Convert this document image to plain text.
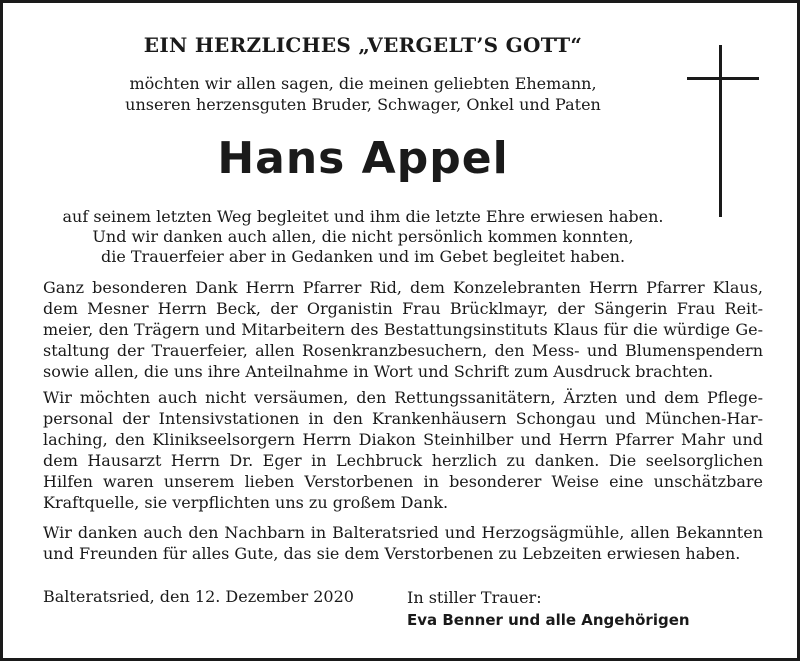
EIN HERZLICHES „VERGELT’S GOTT“
möchten wir allen sagen, die meinen geliebten Ehemann,
unseren herzensguten Bruder, Schwager, Onkel und Paten
Hans Appel
auf seinem letzten Weg begleitet und ihm die letzte Ehre erwiesen haben.
Und wir danken auch allen, die nicht persönlich kommen konnten,
die Trauerfeier aber in Gedanken und im Gebet begleitet haben.
Ganz besonderen Dank Herrn Pfarrer Rid, dem Konzelebranten Herrn Pfarrer Klaus,
dem Mesner Herrn Beck, der Organistin Frau Brücklmayr, der Sängerin Frau Reit-
meier, den Trägern und Mitarbeitern des Bestattungsinstituts Klaus für die würdige Ge-
staltung der Trauerfeier, allen Rosenkranzbesuchern, den Mess- und Blumenspendern
sowie allen, die uns ihre Anteilnahme in Wort und Schrift zum Ausdruck brachten.
Wir möchten auch nicht versäumen, den Rettungssanitätern, Ärzten und dem Pflege-
personal der Intensivstationen in den Krankenhäusern Schongau und München-Har-
laching, den Klinikseelsorgern Herrn Diakon Steinhilber und Herrn Pfarrer Mahr und
dem Hausarzt Herrn Dr. Eger in Lechbruck herzlich zu danken. Die seelsorglichen
Hilfen waren unserem lieben Verstorbenen in besonderer Weise eine unschätzbare
Kraftquelle, sie verpflichten uns zu großem Dank.
Wir danken auch den Nachbarn in Balteratsried und Herzogsägmühle, allen Bekannten
und Freunden für alles Gute, das sie dem Verstorbenen zu Lebzeiten erwiesen haben.
Balteratsried, den 12. Dezember 2020	In stiller Trauer:
Eva Benner und alle Angehörigen
